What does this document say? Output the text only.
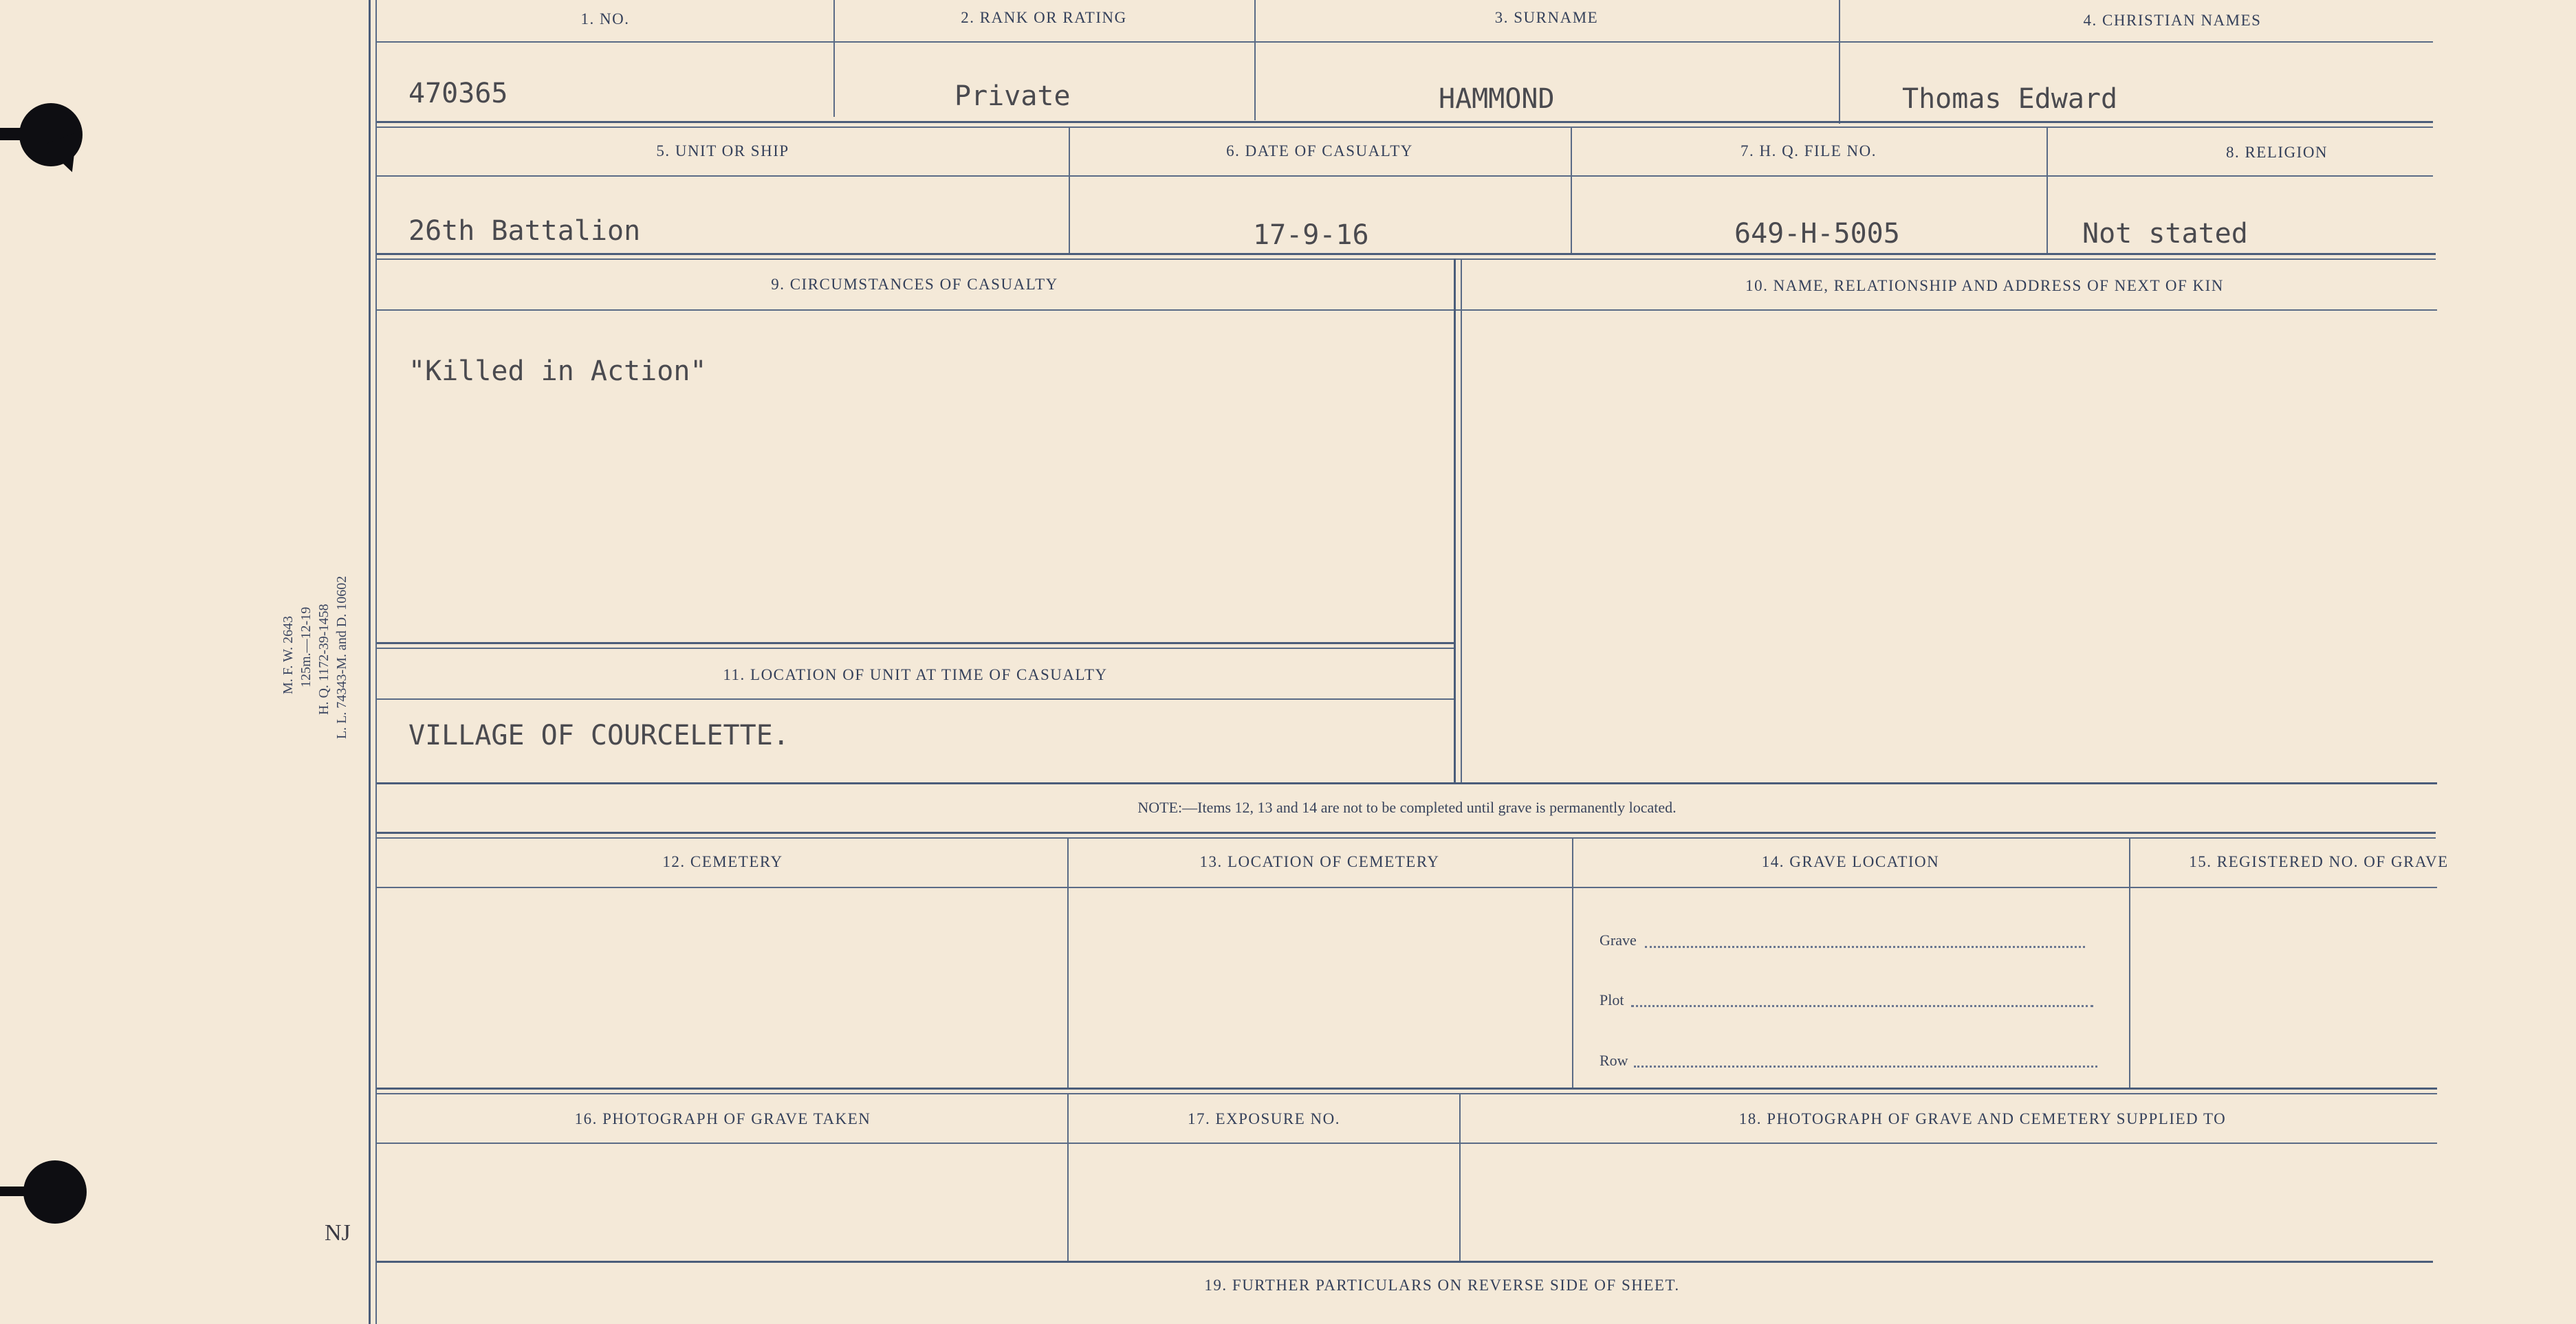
M. F. W. 2643 125m.—12-19 H. Q. 1172-39-1458 L. L. 74343-M. and D. 10602
NJ
1. NO.	2. RANK OR RATING	3. SURNAME	4. CHRISTIAN NAMES
470365	Private	HAMMOND	Thomas Edward
5. UNIT OR SHIP	6. DATE OF CASUALTY	7. H. Q. FILE NO.	8. RELIGION
26th Battalion	17-9-16	649-H-5005	Not stated
9. CIRCUMSTANCES OF CASUALTY	10. NAME, RELATIONSHIP AND ADDRESS OF NEXT OF KIN
"Killed in Action"
11. LOCATION OF UNIT AT TIME OF CASUALTY
VILLAGE OF COURCELETTE.
NOTE:—Items 12, 13 and 14 are not to be completed until grave is permanently located.
12. CEMETERY	13. LOCATION OF CEMETERY	14. GRAVE LOCATION	15. REGISTERED NO. OF GRAVE
Grave
Plot
Row
16. PHOTOGRAPH OF GRAVE TAKEN	17. EXPOSURE NO.	18. PHOTOGRAPH OF GRAVE AND CEMETERY SUPPLIED TO
19. FURTHER PARTICULARS ON REVERSE SIDE OF SHEET.
